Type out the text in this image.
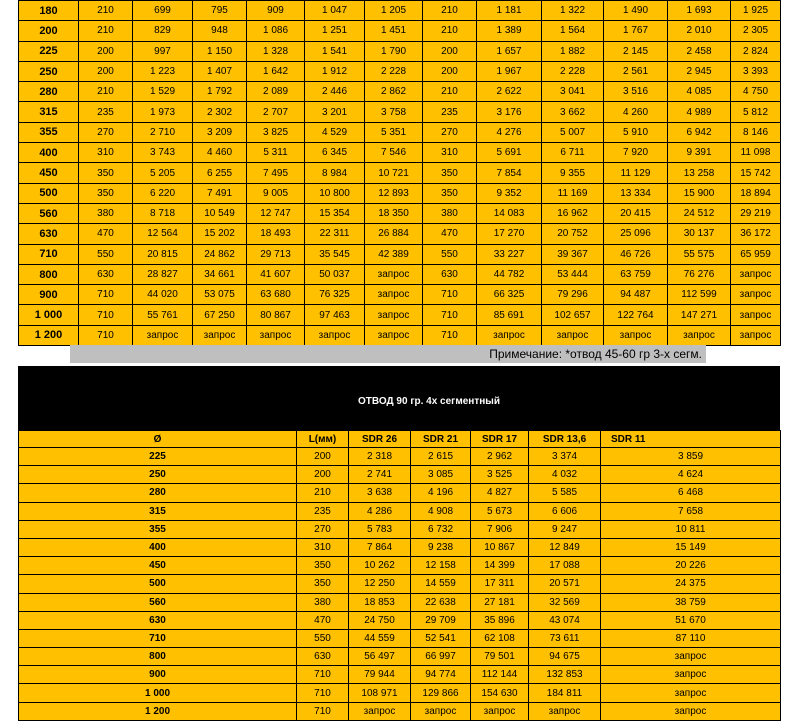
180	210	699	795	909	1 047	1 205	210	1 181	1 322	1 490	1 693	1 925
200	210	829	948	1 086	1 251	1 451	210	1 389	1 564	1 767	2 010	2 305
225	200	997	1 150	1 328	1 541	1 790	200	1 657	1 882	2 145	2 458	2 824
250	200	1 223	1 407	1 642	1 912	2 228	200	1 967	2 228	2 561	2 945	3 393
280	210	1 529	1 792	2 089	2 446	2 862	210	2 622	3 041	3 516	4 085	4 750
315	235	1 973	2 302	2 707	3 201	3 758	235	3 176	3 662	4 260	4 989	5 812
355	270	2 710	3 209	3 825	4 529	5 351	270	4 276	5 007	5 910	6 942	8 146
400	310	3 743	4 460	5 311	6 345	7 546	310	5 691	6 711	7 920	9 391	11 098
450	350	5 205	6 255	7 495	8 984	10 721	350	7 854	9 355	11 129	13 258	15 742
500	350	6 220	7 491	9 005	10 800	12 893	350	9 352	11 169	13 334	15 900	18 894
560	380	8 718	10 549	12 747	15 354	18 350	380	14 083	16 962	20 415	24 512	29 219
630	470	12 564	15 202	18 493	22 311	26 884	470	17 270	20 752	25 096	30 137	36 172
710	550	20 815	24 862	29 713	35 545	42 389	550	33 227	39 367	46 726	55 575	65 959
800	630	28 827	34 661	41 607	50 037	запрос	630	44 782	53 444	63 759	76 276	запрос
900	710	44 020	53 075	63 680	76 325	запрос	710	66 325	79 296	94 487	112 599	запрос
1 000	710	55 761	67 250	80 867	97 463	запрос	710	85 691	102 657	122 764	147 271	запрос
1 200	710	запрос	запрос	запрос	запрос	запрос	710	запрос	запрос	запрос	запрос	запрос
Примечание: *отвод 45-60 гр 3-х сегм.
ОТВОД 90 гр. 4х сегментный
Ø	L(мм)	SDR 26	SDR 21	SDR 17	SDR 13,6	SDR 11
225	200	2 318	2 615	2 962	3 374	3 859
250	200	2 741	3 085	3 525	4 032	4 624
280	210	3 638	4 196	4 827	5 585	6 468
315	235	4 286	4 908	5 673	6 606	7 658
355	270	5 783	6 732	7 906	9 247	10 811
400	310	7 864	9 238	10 867	12 849	15 149
450	350	10 262	12 158	14 399	17 088	20 226
500	350	12 250	14 559	17 311	20 571	24 375
560	380	18 853	22 638	27 181	32 569	38 759
630	470	24 750	29 709	35 896	43 074	51 670
710	550	44 559	52 541	62 108	73 611	87 110
800	630	56 497	66 997	79 501	94 675	запрос
900	710	79 944	94 774	112 144	132 853	запрос
1 000	710	108 971	129 866	154 630	184 811	запрос
1 200	710	запрос	запрос	запрос	запрос	запрос
